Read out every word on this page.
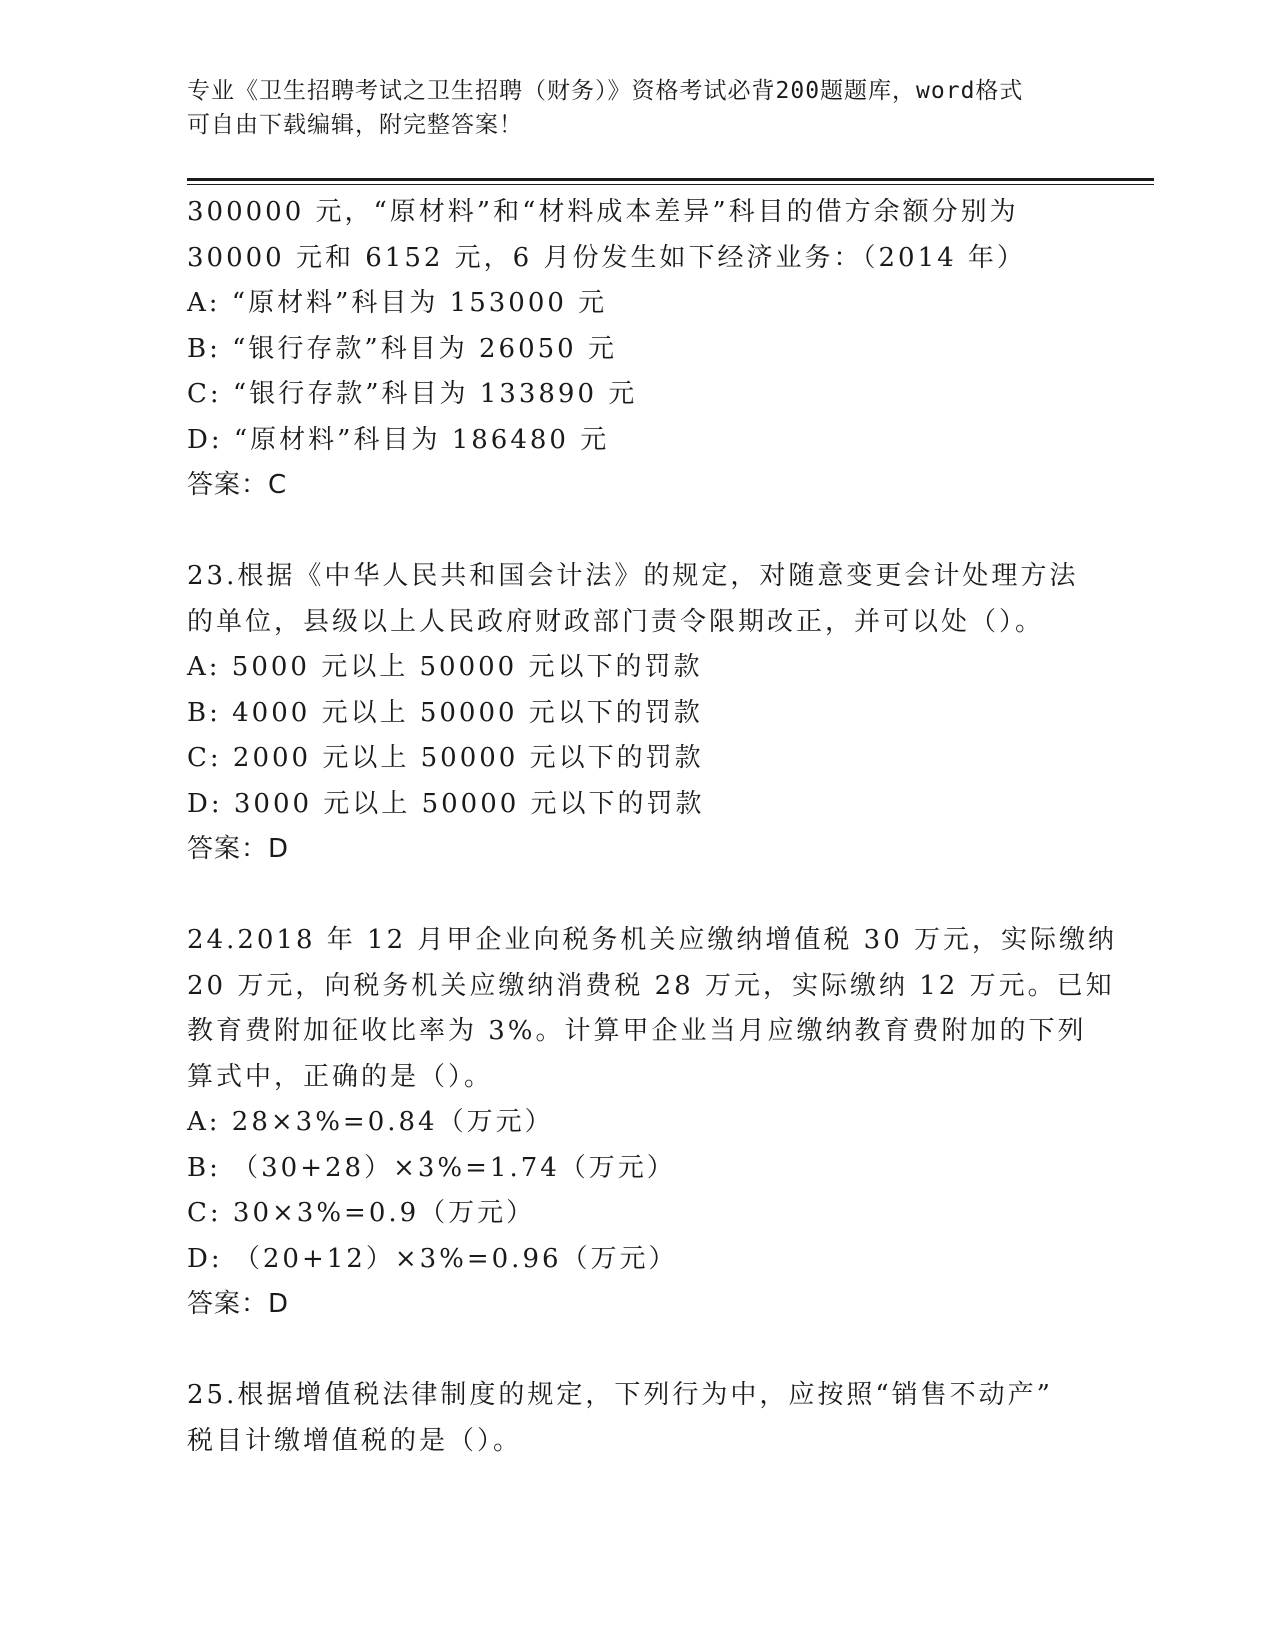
专业《卫生招聘考试之卫生招聘（财务）》资格考试必背200题题库，word格式
可自由下载编辑，附完整答案！
300000 元，“原材料”和“材料成本差异”科目的借方余额分别为
30000 元和 6152 元，6 月份发生如下经济业务：（2014 年）
A: “原材料”科目为 153000 元
B: “银行存款”科目为 26050 元
C: “银行存款”科目为 133890 元
D: “原材料”科目为 186480 元
答案：C
23.根据《中华人民共和国会计法》的规定，对随意变更会计处理方法
的单位，县级以上人民政府财政部门责令限期改正，并可以处（）。
A: 5000 元以上 50000 元以下的罚款
B: 4000 元以上 50000 元以下的罚款
C: 2000 元以上 50000 元以下的罚款
D: 3000 元以上 50000 元以下的罚款
答案：D
24.2018 年 12 月甲企业向税务机关应缴纳增值税 30 万元，实际缴纳
20 万元，向税务机关应缴纳消费税 28 万元，实际缴纳 12 万元。已知
教育费附加征收比率为 3%。计算甲企业当月应缴纳教育费附加的下列
算式中，正确的是（）。
A: 28×3%=0.84（万元）
B: （30+28）×3%=1.74（万元）
C: 30×3%=0.9（万元）
D: （20+12）×3%=0.96（万元）
答案：D
25.根据增值税法律制度的规定，下列行为中，应按照“销售不动产”
税目计缴增值税的是（）。
